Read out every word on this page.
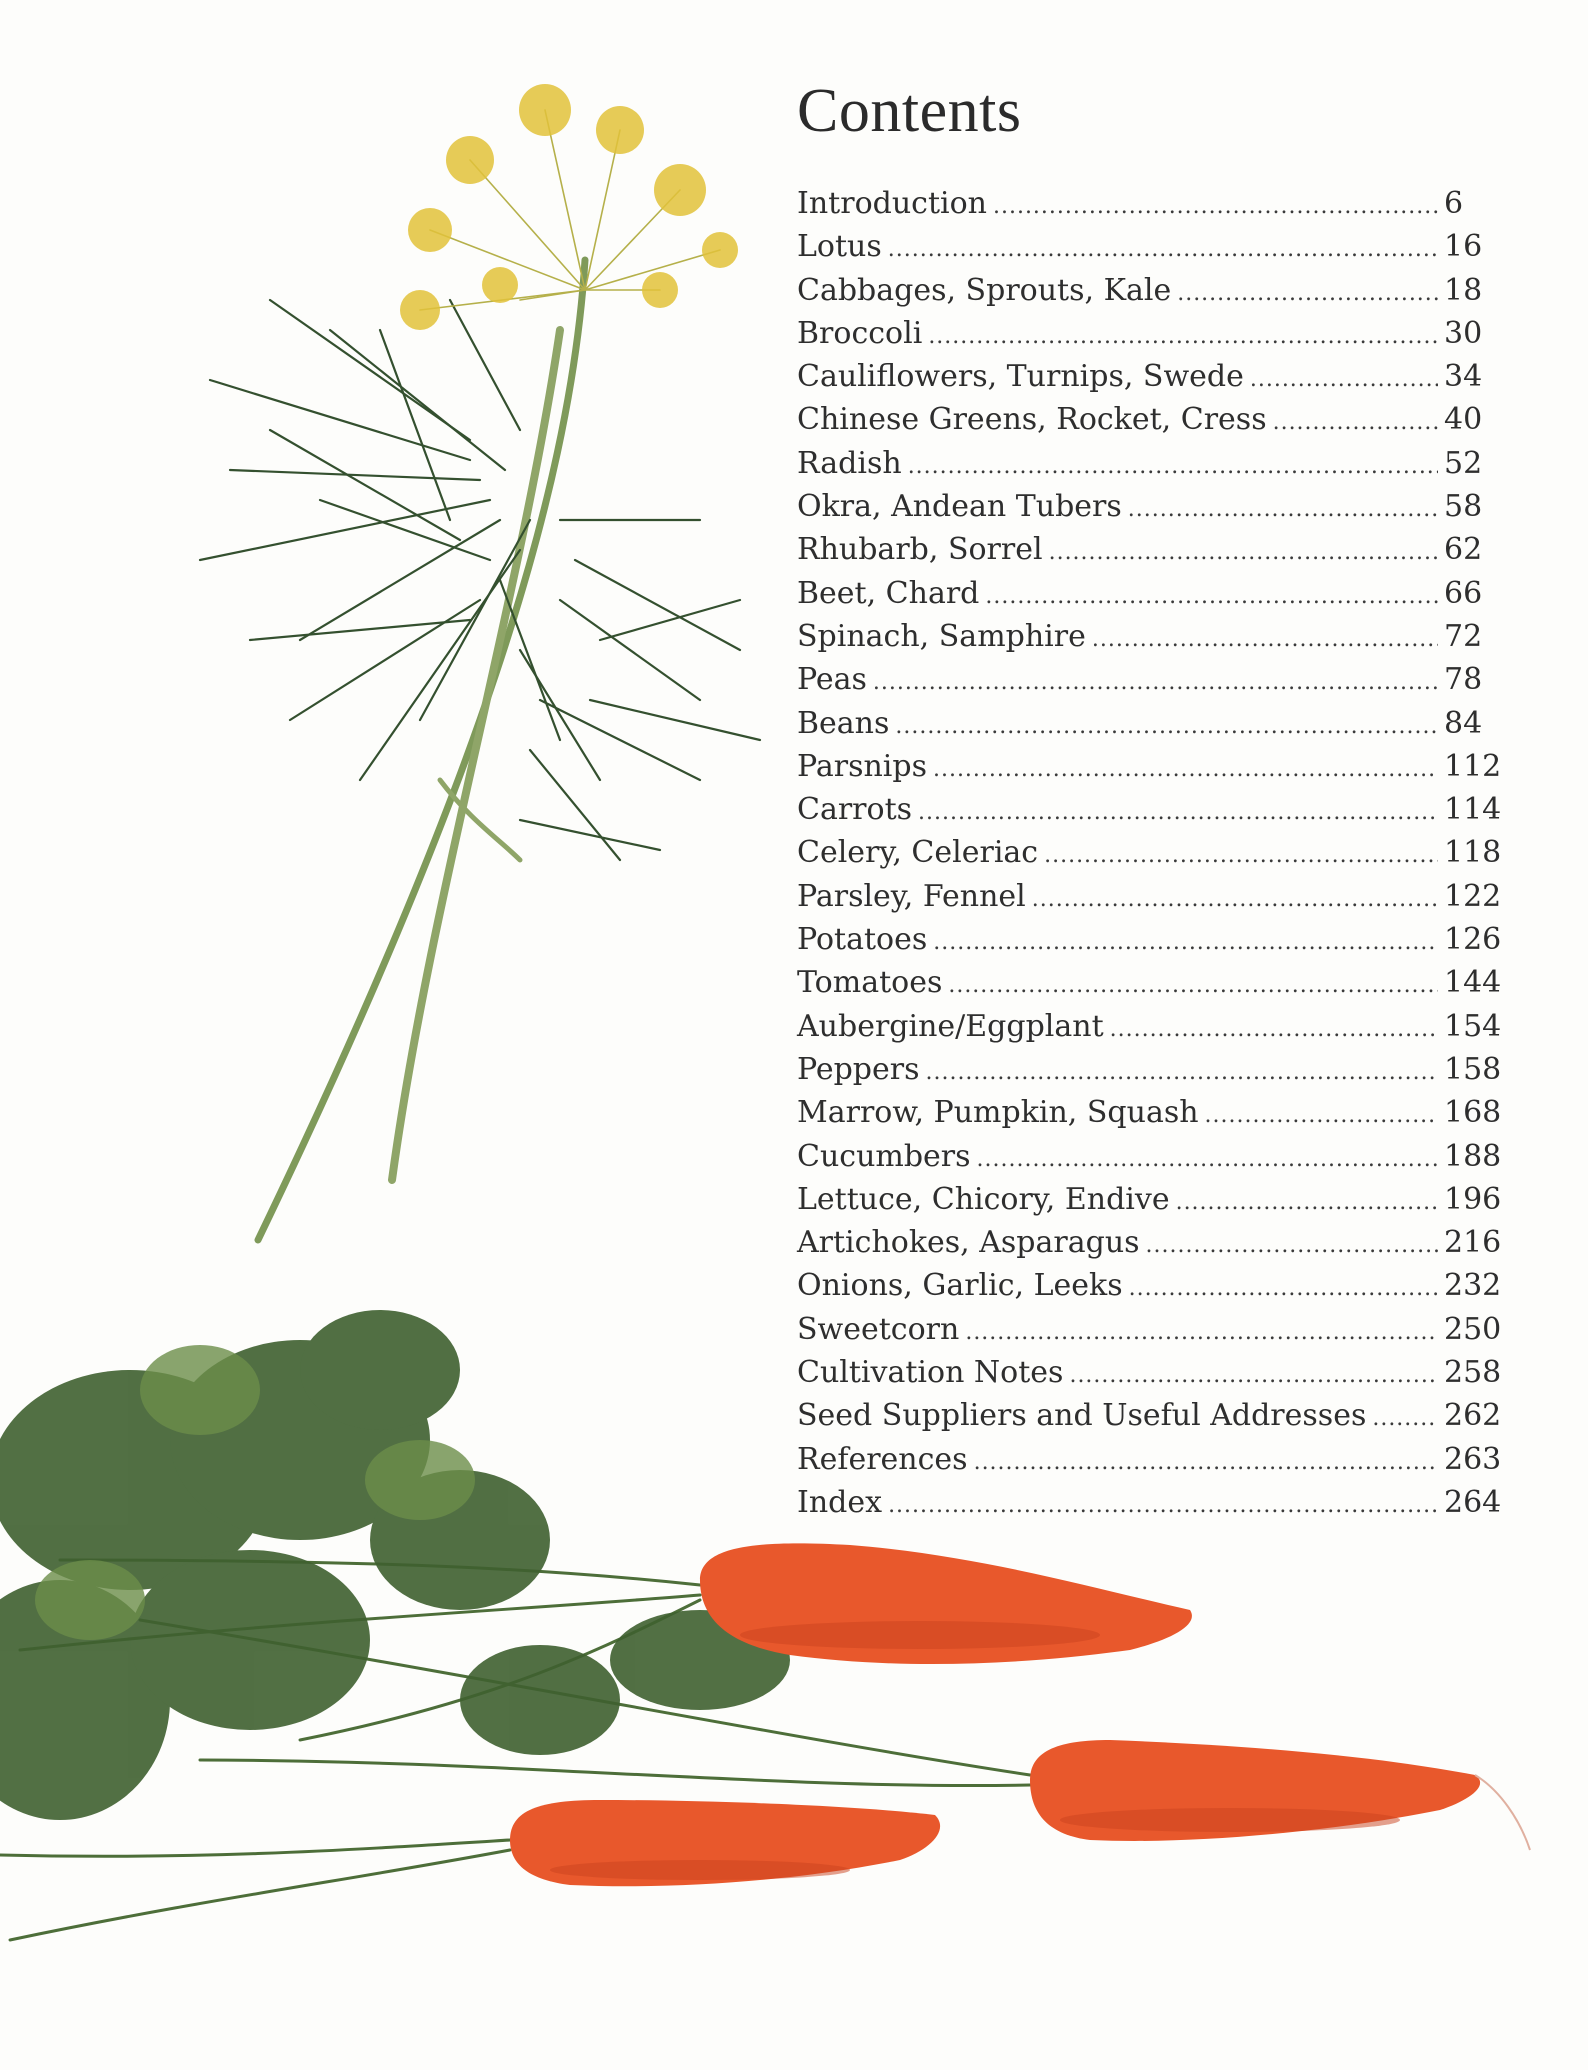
Contents
Introduction . . .	6
Lotus . . .	16
Cabbages, Sprouts, Kale . . .	18
Broccoli . . .	30
Cauliflowers, Turnips, Swede . . .	34
Chinese Greens, Rocket, Cress . . .	40
Radish . . .	52
Okra, Andean Tubers . . .	58
Rhubarb, Sorrel . . .	62
Beet, Chard . . .	66
Spinach, Samphire . . .	72
Peas . . .	78
Beans . . .	84
Parsnips . . .	112
Carrots . . .	114
Celery, Celeriac . . .	118
Parsley, Fennel . . .	122
Potatoes . . .	126
Tomatoes . . .	144
Aubergine/Eggplant . . .	154
Peppers . . .	158
Marrow, Pumpkin, Squash . . .	168
Cucumbers . . .	188
Lettuce, Chicory, Endive . . .	196
Artichokes, Asparagus . . .	216
Onions, Garlic, Leeks . . .	232
Sweetcorn . . .	250
Cultivation Notes . . .	258
Seed Suppliers and Useful Addresses . . .	262
References . . .	263
Index . . .	264
